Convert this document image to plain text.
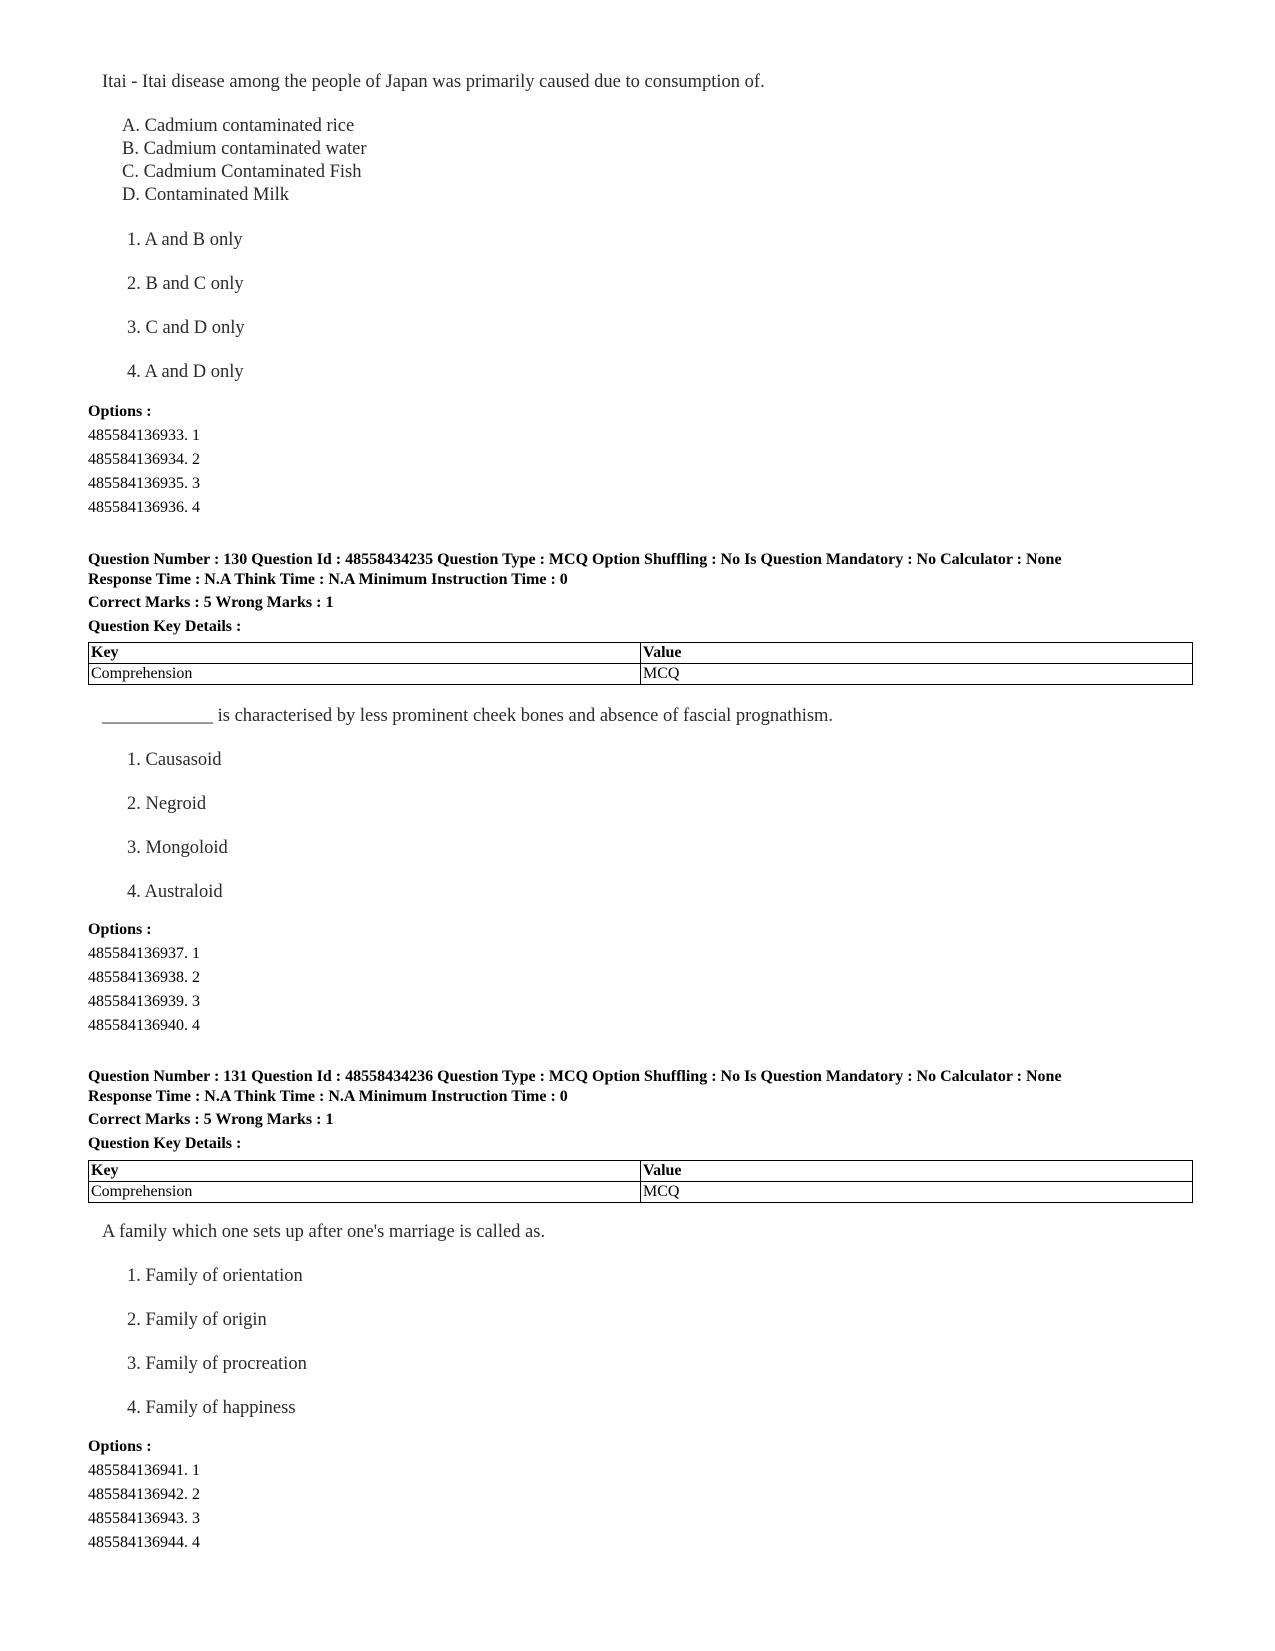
Itai - Itai disease among the people of Japan was primarily caused due to consumption of.
A. Cadmium contaminated rice
B. Cadmium contaminated water
C. Cadmium Contaminated Fish
D. Contaminated Milk
1. A and B only
2. B and C only
3. C and D only
4. A and D only
Options :
485584136933. 1
485584136934. 2
485584136935. 3
485584136936. 4
Question Number : 130 Question Id : 48558434235 Question Type : MCQ Option Shuffling : No Is Question Mandatory : No Calculator : None
Response Time : N.A Think Time : N.A Minimum Instruction Time : 0
Correct Marks : 5 Wrong Marks : 1
Question Key Details :
Key	Value
Comprehension	MCQ
____________ is characterised by less prominent cheek bones and absence of fascial prognathism.
1. Causasoid
2. Negroid
3. Mongoloid
4. Australoid
Options :
485584136937. 1
485584136938. 2
485584136939. 3
485584136940. 4
Question Number : 131 Question Id : 48558434236 Question Type : MCQ Option Shuffling : No Is Question Mandatory : No Calculator : None
Response Time : N.A Think Time : N.A Minimum Instruction Time : 0
Correct Marks : 5 Wrong Marks : 1
Question Key Details :
Key	Value
Comprehension	MCQ
A family which one sets up after one's marriage is called as.
1. Family of orientation
2. Family of origin
3. Family of procreation
4. Family of happiness
Options :
485584136941. 1
485584136942. 2
485584136943. 3
485584136944. 4
